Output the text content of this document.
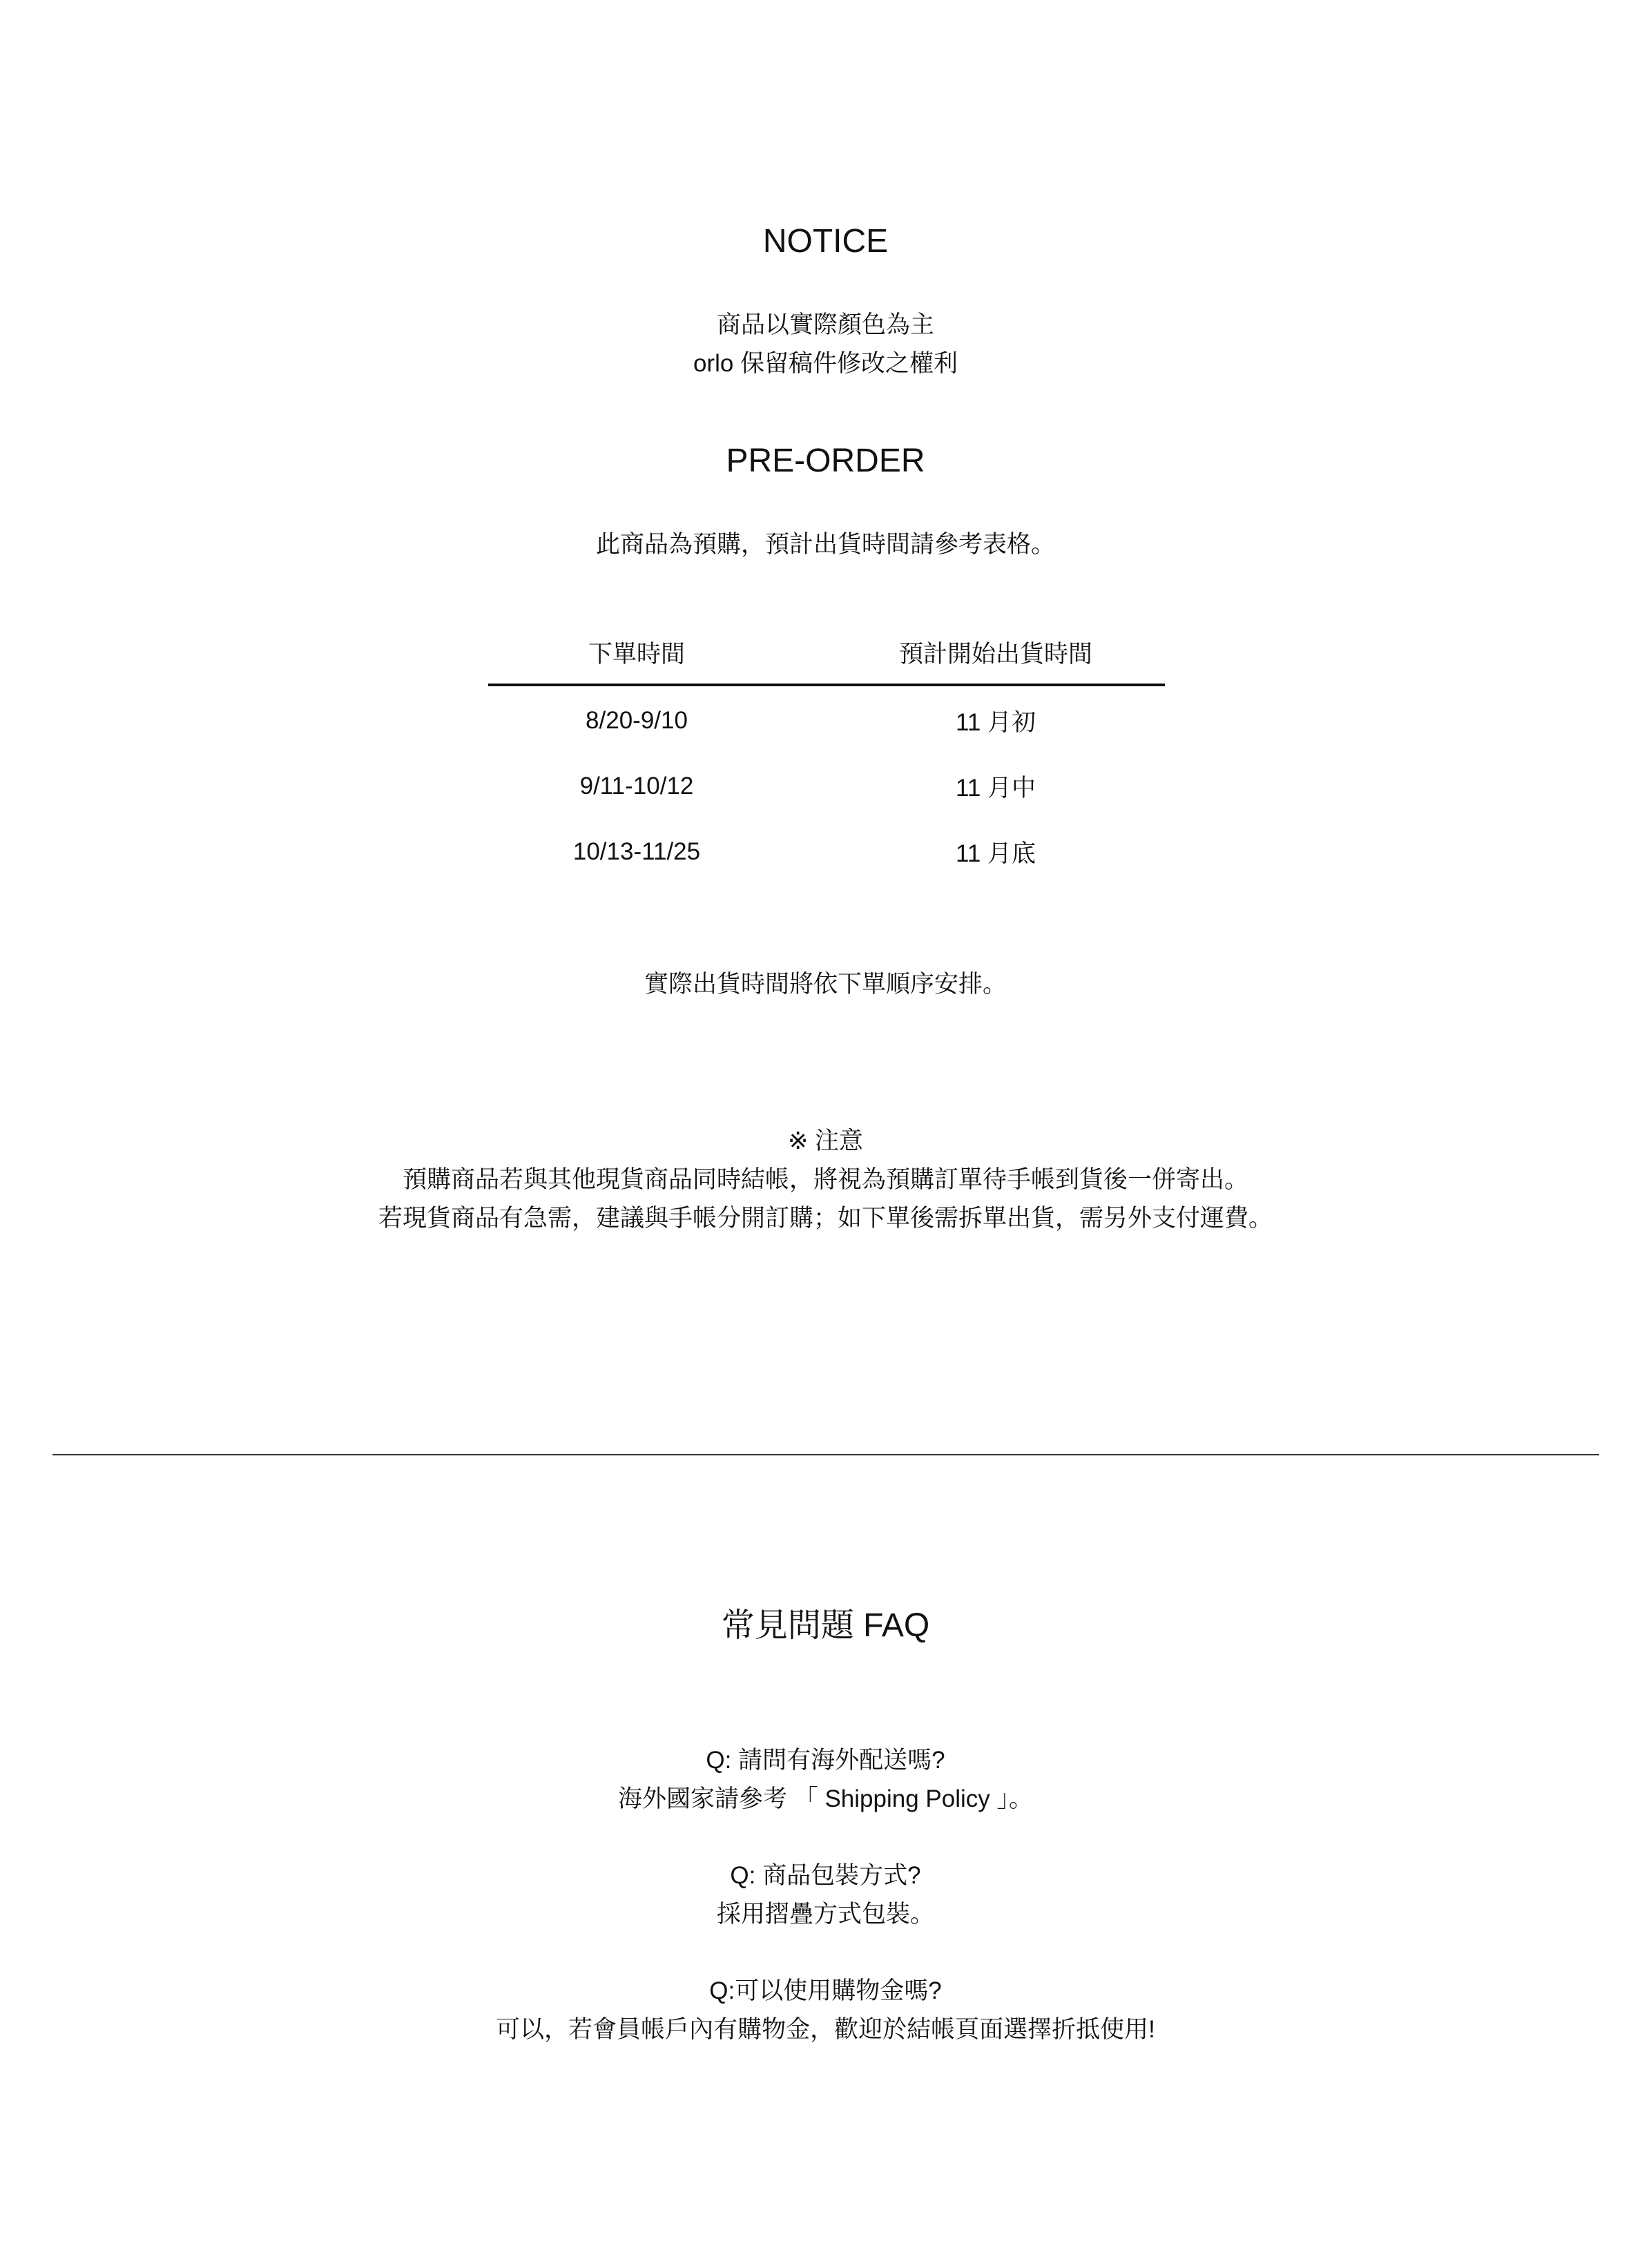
NOTICE
商品以實際顏色為主
orlo 保留稿件修改之權利
PRE-ORDER
此商品為預購，預計出貨時間請參考表格。
下單時間	預計開始出貨時間
8/20-9/10	11 月初
9/11-10/12	11 月中
10/13-11/25	11 月底
實際出貨時間將依下單順序安排。
※ 注意
預購商品若與其他現貨商品同時結帳，將視為預購訂單待手帳到貨後一併寄出。
若現貨商品有急需，建議與手帳分開訂購；如下單後需拆單出貨，需另外支付運費。
常見問題 FAQ
Q: 請問有海外配送嗎?
海外國家請參考 「 Shipping Policy 」。
Q: 商品包裝方式?
採用摺疊方式包裝。
Q:可以使用購物金嗎?
可以，若會員帳戶內有購物金，歡迎於結帳頁面選擇折抵使用!
